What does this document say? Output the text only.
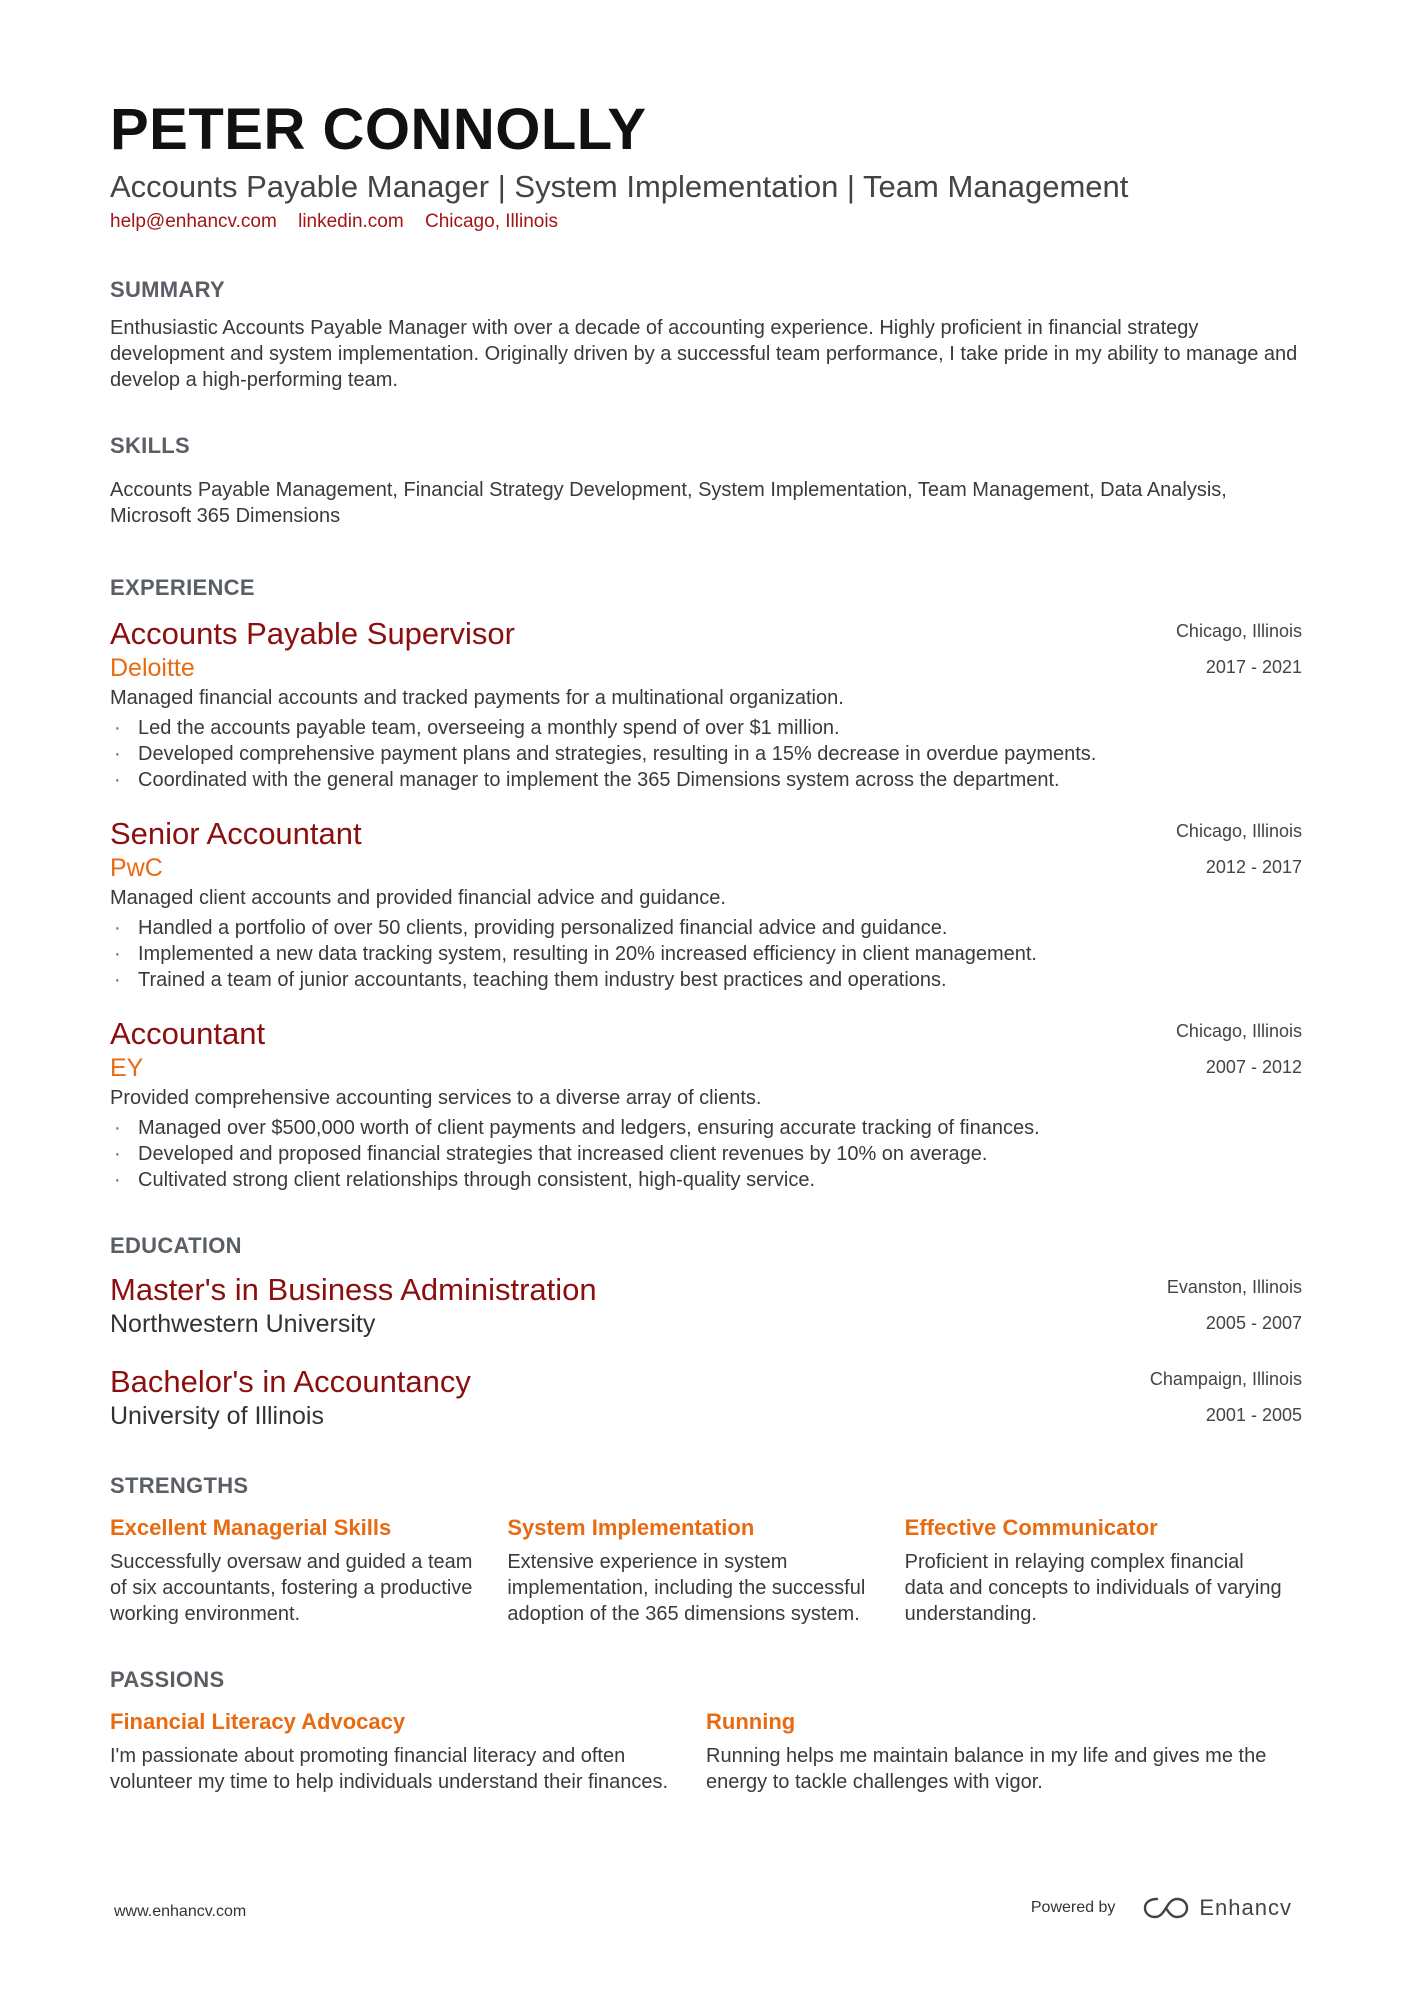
PETER CONNOLLY
Accounts Payable Manager | System Implementation | Team Management
help@enhancv.com linkedin.com Chicago, Illinois
SUMMARY

Enthusiastic Accounts Payable Manager with over a decade of accounting experience. Highly proficient in financial strategy development and system implementation. Originally driven by a successful team performance, I take pride in my ability to manage and develop a high-performing team.

SKILLS

Accounts Payable Management, Financial Strategy Development, System Implementation, Team Management, Data Analysis, Microsoft 365 Dimensions

EXPERIENCE
Accounts Payable Supervisor
Deloitte
Chicago, Illinois
2017 - 2021
Managed financial accounts and tracked payments for a multinational organization.
· Led the accounts payable team, overseeing a monthly spend of over $1 million.
· Developed comprehensive payment plans and strategies, resulting in a 15% decrease in overdue payments.
· Coordinated with the general manager to implement the 365 Dimensions system across the department.
Senior Accountant
PwC
Chicago, Illinois
2012 - 2017
Managed client accounts and provided financial advice and guidance.
· Handled a portfolio of over 50 clients, providing personalized financial advice and guidance.
· Implemented a new data tracking system, resulting in 20% increased efficiency in client management.
· Trained a team of junior accountants, teaching them industry best practices and operations.
Accountant
EY
Chicago, Illinois
2007 - 2012
Provided comprehensive accounting services to a diverse array of clients.
· Managed over $500,000 worth of client payments and ledgers, ensuring accurate tracking of finances.
· Developed and proposed financial strategies that increased client revenues by 10% on average.
· Cultivated strong client relationships through consistent, high-quality service.
EDUCATION
Master's in Business Administration
Northwestern University
Evanston, Illinois
2005 - 2007
Bachelor's in Accountancy
University of Illinois
Champaign, Illinois
2001 - 2005
STRENGTHS
Excellent Managerial Skills
Successfully oversaw and guided a team of six accountants, fostering a productive working environment.
System Implementation
Extensive experience in system implementation, including the successful adoption of the 365 dimensions system.
Effective Communicator
Proficient in relaying complex financial data and concepts to individuals of varying understanding.
PASSIONS
Financial Literacy Advocacy
I'm passionate about promoting financial literacy and often volunteer my time to help individuals understand their finances.
Running
Running helps me maintain balance in my life and gives me the energy to tackle challenges with vigor.
www.enhancv.com	Powered by	Enhancv
